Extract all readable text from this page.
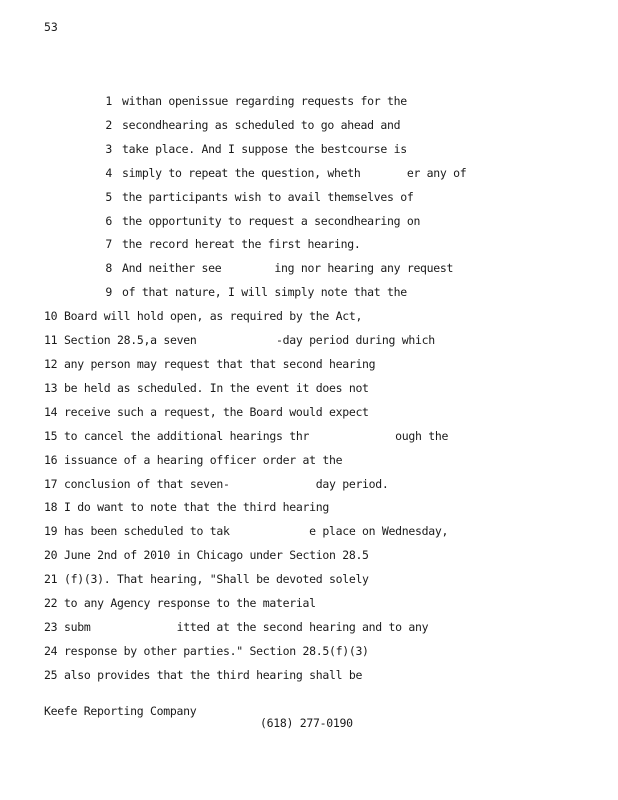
53

1 withan openissue regarding requests for the
2 secondhearing as scheduled to go ahead and
3 take place. And I suppose the bestcourse is
4 simply to repeat the question, wheth       er any of
5 the participants wish to avail themselves of
6 the opportunity to request a secondhearing on
7 the record hereat the first hearing.
8 And neither see        ing nor hearing any request
9 of that nature, I will simply note that the
10 Board will hold open, as required by the Act,
11 Section 28.5,a seven            -day period during which
12 any person may request that that second hearing
13 be held as scheduled. In the event it does not
14 receive such a request, the Board would expect
15 to cancel the additional hearings thr             ough the
16 issuance of a hearing officer order at the
17 conclusion of that seven-             day period.
18 I do want to note that the third hearing
19 has been scheduled to tak            e place on Wednesday,
20 June 2nd of 2010 in Chicago under Section 28.5
21 (f)(3). That hearing, "Shall be devoted solely
22 to any Agency response to the material
23 subm             itted at the second hearing and to any
24 response by other parties." Section 28.5(f)(3)
25 also provides that the third hearing shall be

Keefe Reporting Company

(618) 277-0190
